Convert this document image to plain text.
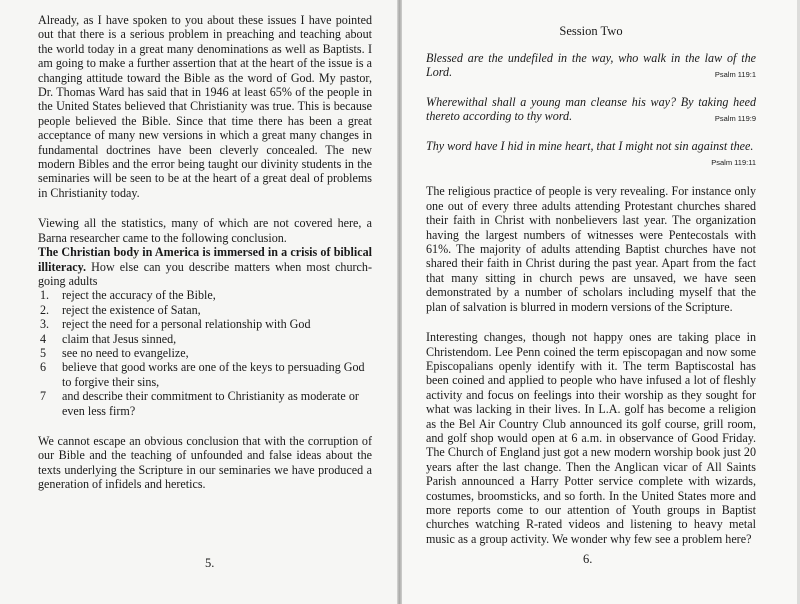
Already, as I have spoken to you about these issues I have pointed out that there is a serious problem in preaching and teaching about the world today in a great many denominations as well as Baptists. I am going to make a further assertion that at the heart of the issue is a changing attitude toward the Bible as the word of God. My pastor, Dr. Thomas Ward has said that in 1946 at least 65% of the people in the United States believed that Christianity was true. This is because people believed the Bible. Since that time there has been a great acceptance of many new versions in which a great many changes in fundamental doctrines have been cleverly concealed. The new modern Bibles and the error being taught our divinity students in the seminaries will be seen to be at the heart of a great deal of problems in Christianity today.

Viewing all the statistics, many of which are not covered here, a Barna researcher came to the following conclusion.
The Christian body in America is immersed in a crisis of biblical illiteracy. How else can you describe matters when most church-going adults

1.	reject the accuracy of the Bible,
2.	reject the existence of Satan,
3.	reject the need for a personal relationship with God
4	claim that Jesus sinned,
5	see no need to evangelize,
6	believe that good works are one of the keys to persuading God to forgive their sins,
7	and describe their commitment to Christianity as moderate or even less firm?

We cannot escape an obvious conclusion that with the corruption of our Bible and the teaching of unfounded and false ideas about the texts underlying the Scripture in our seminaries we have produced a generation of infidels and heretics.

5.
Session Two

Blessed are the undefiled in the way, who walk in the law of the Lord.	Psalm 119:1

Wherewithal shall a young man cleanse his way? By taking heed thereto according to thy word.	Psalm 119:9

Thy word have I hid in mine heart, that I might not sin against thee.
Psalm 119:11

The religious practice of people is very revealing. For instance only one out of every three adults attending Protestant churches shared their faith in Christ with nonbelievers last year. The organization having the largest numbers of witnesses were Pentecostals with 61%. The majority of adults attending Baptist churches have not shared their faith in Christ during the past year. Apart from the fact that many sitting in church pews are unsaved, we have seen demonstrated by a number of scholars including myself that the plan of salvation is blurred in modern versions of the Scripture.

Interesting changes, though not happy ones are taking place in Christendom. Lee Penn coined the term episcopagan and now some Episcopalians openly identify with it. The term Baptiscostal has been coined and applied to people who have infused a lot of fleshly activity and focus on feelings into their worship as they sought for what was lacking in their lives. In L.A. golf has become a religion as the Bel Air Country Club announced its golf course, grill room, and golf shop would open at 6 a.m. in observance of Good Friday. The Church of England just got a new modern worship book just 20 years after the last change. Then the Anglican vicar of All Saints Parish announced a Harry Potter service complete with wizards, costumes, broomsticks, and so forth. In the United States more and more reports come to our attention of Youth groups in Baptist churches watching R-rated videos and listening to heavy metal music as a group activity. We wonder why few see a problem here?

6.
